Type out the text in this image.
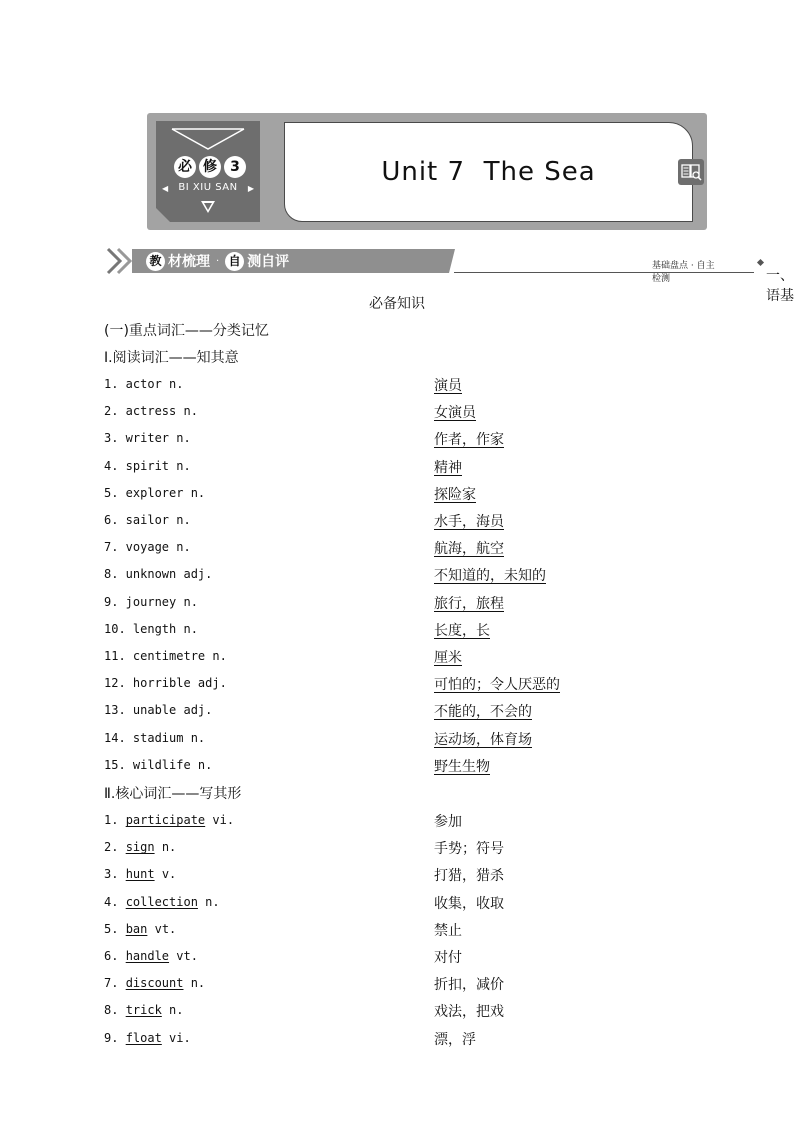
必 修 3
◀	BI XIU SAN	▶
Unit 7  The Sea
教 材梳理 · 自 测自评	基础盘点 · 自主检测	一、语基
必备知识
(一)重点词汇——分类记忆
Ⅰ.阅读词汇——知其意
1. actor n.	演员
2. actress n.	女演员
3. writer n.	作者，作家
4. spirit n.	精神
5. explorer n.	探险家
6. sailor n.	水手，海员
7. voyage n.	航海，航空
8. unknown adj.	不知道的，未知的
9. journey n.	旅行，旅程
10. length n.	长度，长
11. centimetre n.	厘米
12. horrible adj.	可怕的；令人厌恶的
13. unable adj.	不能的，不会的
14. stadium n.	运动场，体育场
15. wildlife n.	野生生物
Ⅱ.核心词汇——写其形
1. participate vi.	参加
2. sign n.	手势；符号
3. hunt v.	打猎，猎杀
4. collection n.	收集，收取
5. ban vt.	禁止
6. handle vt.	对付
7. discount n.	折扣，减价
8. trick n.	戏法，把戏
9. float vi.	漂，浮
